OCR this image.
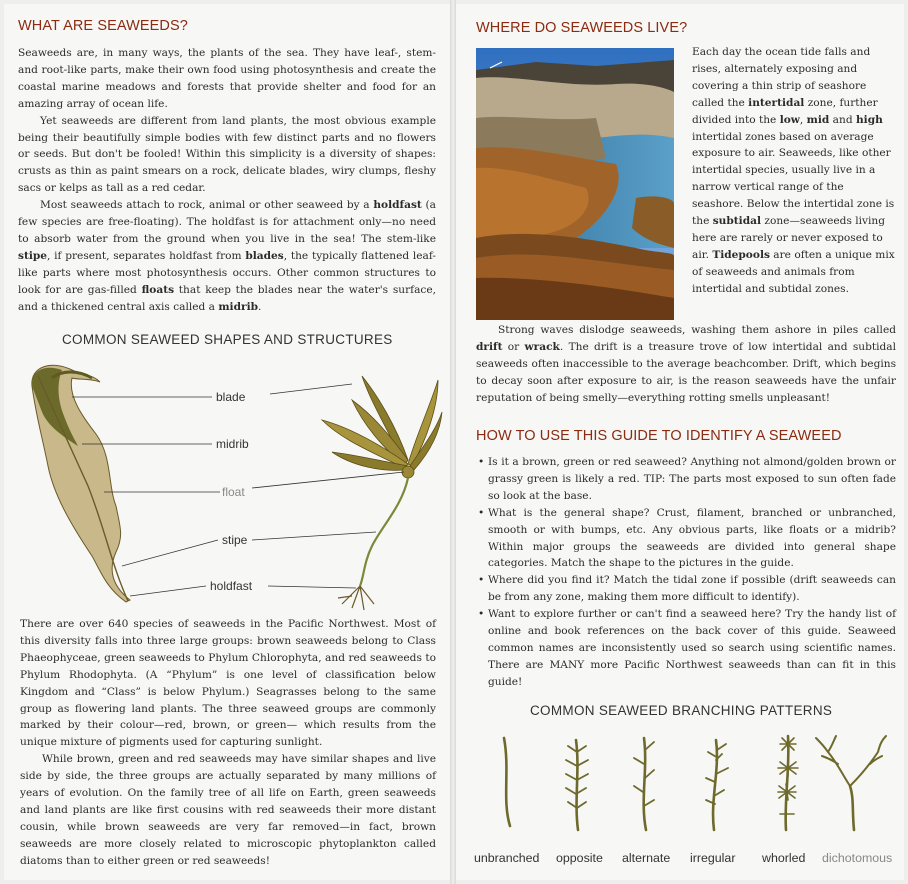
WHAT ARE SEAWEEDS?

Seaweeds are, in many ways, the plants of the sea. They have leaf-, stem- and root-like parts, make their own food using photosynthesis and create the coastal marine meadows and forests that provide shelter and food for an amazing array of ocean life.

Yet seaweeds are different from land plants, the most obvious example being their beautifully simple bodies with few distinct parts and no flowers or seeds. But don't be fooled! Within this simplicity is a diversity of shapes: crusts as thin as paint smears on a rock, delicate blades, wiry clumps, fleshy sacs or kelps as tall as a red cedar.

Most seaweeds attach to rock, animal or other seaweed by a holdfast (a few species are free-floating). The holdfast is for attachment only—no need to absorb water from the ground when you live in the sea! The stem-like stipe, if present, separates holdfast from blades, the typically flattened leaf-like parts where most photosynthesis occurs. Other common structures to look for are gas-filled floats that keep the blades near the water's surface, and a thickened central axis called a midrib.

COMMON SEAWEED SHAPES AND STRUCTURES
blade
midrib
float
stipe
holdfast

There are over 640 species of seaweeds in the Pacific Northwest. Most of this diversity falls into three large groups: brown seaweeds belong to Class Phaeophyceae, green seaweeds to Phylum Chlorophyta, and red seaweeds to Phylum Rhodophyta. (A “Phylum” is one level of classification below Kingdom and “Class” is below Phylum.) Seagrasses belong to the same group as flowering land plants. The three seaweed groups are commonly marked by their colour—red, brown, or green— which results from the unique mixture of pigments used for capturing sunlight.

While brown, green and red seaweeds may have similar shapes and live side by side, the three groups are actually separated by many millions of years of evolution. On the family tree of all life on Earth, green seaweeds and land plants are like first cousins with red seaweeds their more distant cousin, while brown seaweeds are very far removed—in fact, brown seaweeds are more closely related to microscopic phytoplankton called diatoms than to either green or red seaweeds!

WHERE DO SEAWEEDS LIVE?

Each day the ocean tide falls and rises, alternately exposing and covering a thin strip of seashore called the intertidal zone, further divided into the low, mid and high intertidal zones based on average exposure to air. Seaweeds, like other intertidal species, usually live in a narrow vertical range of the seashore. Below the intertidal zone is the subtidal zone—seaweeds living here are rarely or never exposed to air. Tidepools are often a unique mix of seaweeds and animals from intertidal and subtidal zones.

Strong waves dislodge seaweeds, washing them ashore in piles called drift or wrack. The drift is a treasure trove of low intertidal and subtidal seaweeds often inaccessible to the average beachcomber. Drift, which begins to decay soon after exposure to air, is the reason seaweeds have the unfair reputation of being smelly—everything rotting smells unpleasant!

HOW TO USE THIS GUIDE TO IDENTIFY A SEAWEED
• Is it a brown, green or red seaweed? Anything not almond/golden brown or grassy green is likely a red. TIP: The parts most exposed to sun often fade so look at the base.
• What is the general shape? Crust, filament, branched or unbranched, smooth or with bumps, etc. Any obvious parts, like floats or a midrib? Within major groups the seaweeds are divided into general shape categories. Match the shape to the pictures in the guide.
• Where did you find it? Match the tidal zone if possible (drift seaweeds can be from any zone, making them more difficult to identify).
• Want to explore further or can't find a seaweed here? Try the handy list of online and book references on the back cover of this guide. Seaweed common names are inconsistently used so search using scientific names. There are MANY more Pacific Northwest seaweeds than can fit in this guide!
COMMON SEAWEED BRANCHING PATTERNS
unbranched opposite alternate irregular whorled dichotomous
